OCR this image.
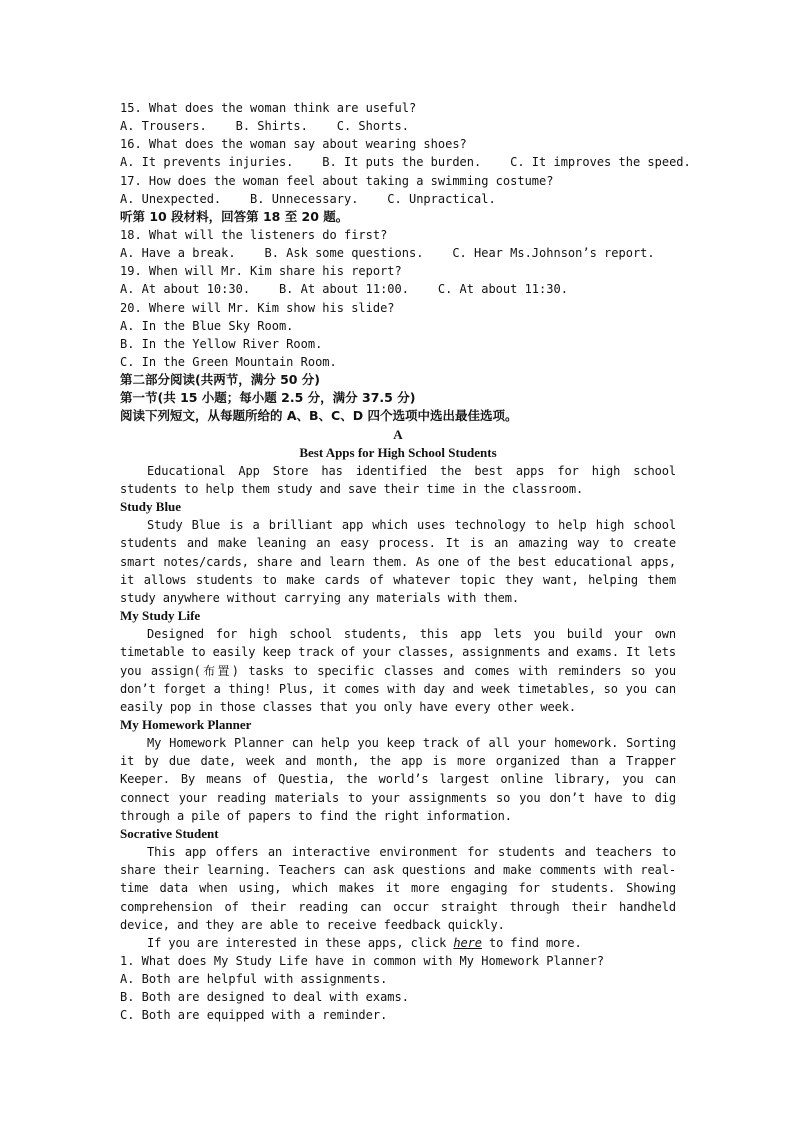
15. What does the woman think are useful?
A. Trousers.    B. Shirts.    C. Shorts.
16. What does the woman say about wearing shoes?
A. It prevents injuries.    B. It puts the burden.    C. It improves the speed.
17. How does the woman feel about taking a swimming costume?
A. Unexpected.    B. Unnecessary.    C. Unpractical.
听第 10 段材料，回答第 18 至 20 题。
18. What will the listeners do first?
A. Have a break.    B. Ask some questions.    C. Hear Ms.Johnson’s report.
19. When will Mr. Kim share his report?
A. At about 10:30.    B. At about 11:00.    C. At about 11:30.
20. Where will Mr. Kim show his slide?
A. In the Blue Sky Room.
B. In the Yellow River Room.
C. In the Green Mountain Room.
第二部分阅读(共两节，满分 50 分)
第一节(共 15 小题；每小题 2.5 分，满分 37.5 分)
阅读下列短文，从每题所给的 A、B、C、D 四个选项中选出最佳选项。
A
Best Apps for High School Students

Educational App Store has identified the best apps for high school students to help them study and save their time in the classroom.

Study Blue

Study Blue is a brilliant app which uses technology to help high school students and make leaning an easy process. It is an amazing way to create smart notes/cards, share and learn them. As one of the best educational apps, it allows students to make cards of whatever topic they want, helping them study anywhere without carrying any materials with them.

My Study Life

Designed for high school students, this app lets you build your own timetable to easily keep track of your classes, assignments and exams. It lets you assign(布置) tasks to specific classes and comes with reminders so you don’t forget a thing! Plus, it comes with day and week timetables, so you can easily pop in those classes that you only have every other week.

My Homework Planner

My Homework Planner can help you keep track of all your homework. Sorting it by due date, week and month, the app is more organized than a Trapper Keeper. By means of Questia, the world’s largest online library, you can connect your reading materials to your assignments so you don’t have to dig through a pile of papers to find the right information.

Socrative Student

This app offers an interactive environment for students and teachers to share their learning. Teachers can ask questions and make comments with real-time data when using, which makes it more engaging for students. Showing comprehension of their reading can occur straight through their handheld device, and they are able to receive feedback quickly.

If you are interested in these apps, click here to find more.

1. What does My Study Life have in common with My Homework Planner?
A. Both are helpful with assignments.
B. Both are designed to deal with exams.
C. Both are equipped with a reminder.
